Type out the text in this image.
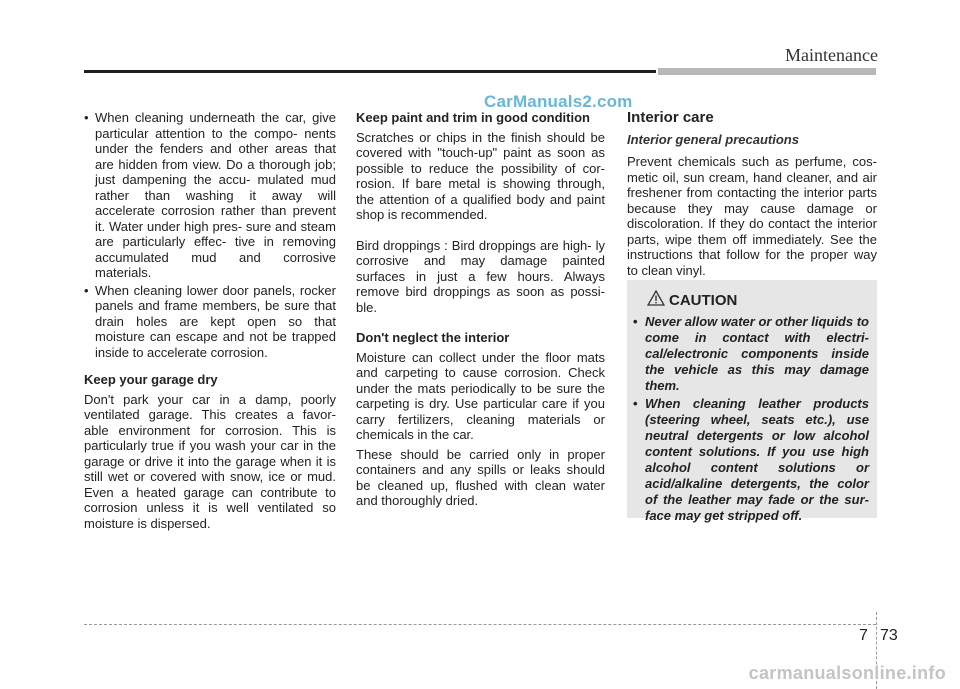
Maintenance
CarManuals2.com
• When cleaning underneath the car, give particular attention to the compo- nents under the fenders and other areas that are hidden from view. Do a thorough job; just dampening the accu- mulated mud rather than washing it away will accelerate corrosion rather than prevent it. Water under high pres- sure and steam are particularly effec- tive in removing accumulated mud and corrosive materials.
• When cleaning lower door panels, rocker panels and frame members, be sure that drain holes are kept open so that moisture can escape and not be trapped inside to accelerate corrosion.
Keep your garage dry

Don't park your car in a damp, poorly ventilated garage. This creates a favor- able environment for corrosion. This is particularly true if you wash your car in the garage or drive it into the garage when it is still wet or covered with snow, ice or mud. Even a heated garage can contribute to corrosion unless it is well ventilated so moisture is dispersed.

Keep paint and trim in good condition

Scratches or chips in the finish should be covered with "touch-up" paint as soon as possible to reduce the possibility of cor- rosion. If bare metal is showing through, the attention of a qualified body and paint shop is recommended.

Bird droppings : Bird droppings are high- ly corrosive and may damage painted surfaces in just a few hours. Always remove bird droppings as soon as possi- ble.

Don't neglect the interior

Moisture can collect under the floor mats and carpeting to cause corrosion. Check under the mats periodically to be sure the carpeting is dry. Use particular care if you carry fertilizers, cleaning materials or chemicals in the car.

These should be carried only in proper containers and any spills or leaks should be cleaned up, flushed with clean water and thoroughly dried.

Interior care
Interior general precautions

Prevent chemicals such as perfume, cos- metic oil, sun cream, hand cleaner, and air freshener from contacting the interior parts because they may cause damage or discoloration. If they do contact the interior parts, wipe them off immediately. See the instructions that follow for the proper way to clean vinyl.

CAUTION
• Never allow water or other liquids to come in contact with electri- cal/electronic components inside the vehicle as this may damage them.
• When cleaning leather products (steering wheel, seats etc.), use neutral detergents or low alcohol content solutions. If you use high alcohol content solutions or acid/alkaline detergents, the color of the leather may fade or the sur- face may get stripped off.
7 73
carmanualsonline.info
